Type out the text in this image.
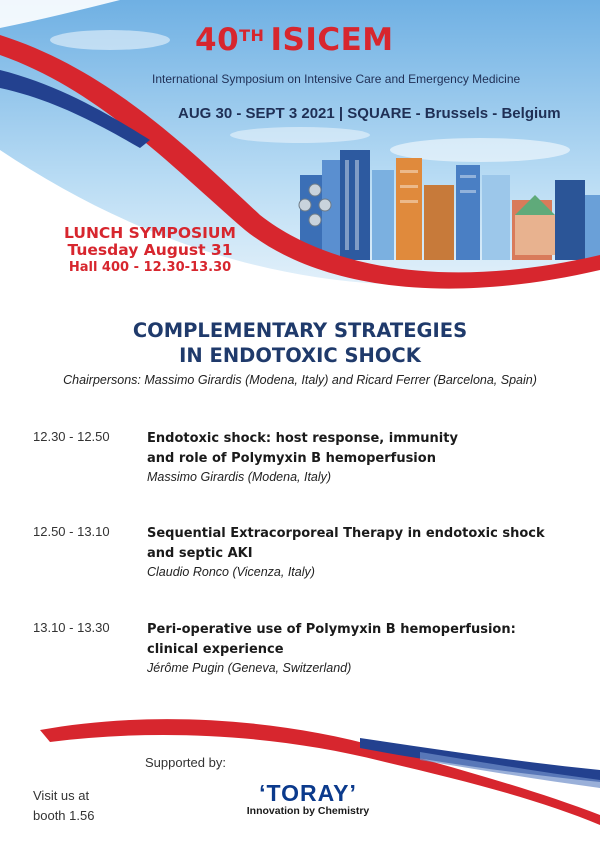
40TH ISICEM
International Symposium on Intensive Care and Emergency Medicine
AUG 30 - SEPT 3 2021 | SQUARE - Brussels - Belgium
LUNCH SYMPOSIUM
Tuesday August 31
Hall 400 - 12.30-13.30
COMPLEMENTARY STRATEGIES
IN ENDOTOXIC SHOCK
Chairpersons: Massimo Girardis (Modena, Italy) and Ricard Ferrer (Barcelona, Spain)
12.30 - 12.50	Endotoxic shock: host response, immunity
and role of Polymyxin B hemoperfusion
Massimo Girardis (Modena, Italy)
12.50 - 13.10	Sequential Extracorporeal Therapy in endotoxic shock
and septic AKI
Claudio Ronco (Vicenza, Italy)
13.10 - 13.30	Peri-operative use of Polymyxin B hemoperfusion:
clinical experience
Jérôme Pugin (Geneva, Switzerland)
Supported by:
Visit us at
booth 1.56
‘TORAY’
Innovation by Chemistry
